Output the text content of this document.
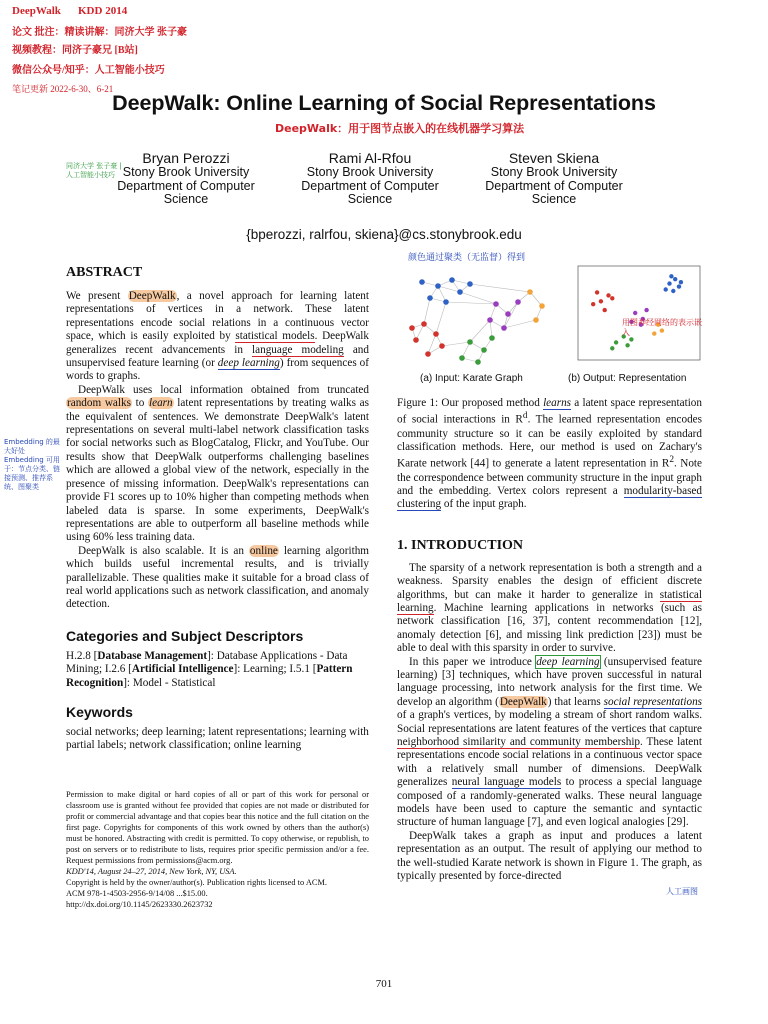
DeepWalk KDD 2014
论文 批注：精读讲解：同济大学 张子豪
视频教程：同济子豪兄 [B站]
微信公众号/知乎：人工智能小技巧
笔记更新 2022-6-30、6-21
DeepWalk: Online Learning of Social Representations
DeepWalk：用于图节点嵌入的在线机器学习算法
Bryan Perozzi
Stony Brook University
Department of Computer
Science
Rami Al-Rfou
Stony Brook University
Department of Computer
Science
Steven Skiena
Stony Brook University
Department of Computer
Science
{bperozzi, ralrfou, skiena}@cs.stonybrook.edu
Embedding 的最大好处 Embedding 可用于：节点分类、链接预测、推荐系统、图聚类
同济大学 张子豪 | 人工智能小技巧
ABSTRACT

We present DeepWalk, a novel approach for learning latent representations of vertices in a network. These latent representations encode social relations in a continuous vector space, which is easily exploited by statistical models. DeepWalk generalizes recent advancements in language modeling and unsupervised feature learning (or deep learning) from sequences of words to graphs.

DeepWalk uses local information obtained from truncated random walks to learn latent representations by treating walks as the equivalent of sentences. We demonstrate DeepWalk's latent representations on several multi-label network classification tasks for social networks such as BlogCatalog, Flickr, and YouTube. Our results show that DeepWalk outperforms challenging baselines which are allowed a global view of the network, especially in the presence of missing information. DeepWalk's representations can provide F1 scores up to 10% higher than competing methods when labeled data is sparse. In some experiments, DeepWalk's representations are able to outperform all baseline methods while using 60% less training data.

DeepWalk is also scalable. It is an online learning algorithm which builds useful incremental results, and is trivially parallelizable. These qualities make it suitable for a broad class of real world applications such as network classification, and anomaly detection.

Categories and Subject Descriptors

H.2.8 [Database Management]: Database Applications - Data Mining; I.2.6 [Artificial Intelligence]: Learning; I.5.1 [Pattern Recognition]: Model - Statistical

Keywords

social networks; deep learning; latent representations; learning with partial labels; network classification; online learning

Permission to make digital or hard copies of all or part of this work for personal or classroom use is granted without fee provided that copies are not made or distributed for profit or commercial advantage and that copies bear this notice and the full citation on the first page. Copyrights for components of this work owned by others than the author(s) must be honored. Abstracting with credit is permitted. To copy otherwise, or republish, to post on servers or to redistribute to lists, requires prior specific permission and/or a fee. Request permissions from permissions@acm.org.

KDD'14, August 24–27, 2014, New York, NY, USA.

Copyright is held by the owner/author(s). Publication rights licensed to ACM.

ACM 978-1-4503-2956-9/14/08 ...$15.00.

http://dx.doi.org/10.1145/2623330.2623732

颜色通过聚类（无监督）得到
用图神经网络的表示嵌入
(a) Input: Karate Graph	(b) Output: Representation

Figure 1: Our proposed method learns a latent space representation of social interactions in $R^d$. The learned representation encodes community structure so it can be easily exploited by standard classification methods. Here, our method is used on Zachary's Karate network [44] to generate a latent representation in $R^2$. Note the correspondence between community structure in the input graph and the embedding. Vertex colors represent a modularity-based clustering of the input graph.

1. INTRODUCTION

The sparsity of a network representation is both a strength and a weakness. Sparsity enables the design of efficient discrete algorithms, but can make it harder to generalize in statistical learning. Machine learning applications in networks (such as network classification [16, 37], content recommendation [12], anomaly detection [6], and missing link prediction [23]) must be able to deal with this sparsity in order to survive.

In this paper we introduce deep learning (unsupervised feature learning) [3] techniques, which have proven successful in natural language processing, into network analysis for the first time. We develop an algorithm (DeepWalk) that learns social representations of a graph's vertices, by modeling a stream of short random walks. Social representations are latent features of the vertices that capture neighborhood similarity and community membership. These latent representations encode social relations in a continuous vector space with a relatively small number of dimensions. DeepWalk generalizes neural language models to process a special language composed of a randomly-generated walks. These neural language models have been used to capture the semantic and syntactic structure of human language [7], and even logical analogies [29].

DeepWalk takes a graph as input and produces a latent representation as an output. The result of applying our method to the well-studied Karate network is shown in Figure 1. The graph, as typically presented by force-directed

人工画图
701
